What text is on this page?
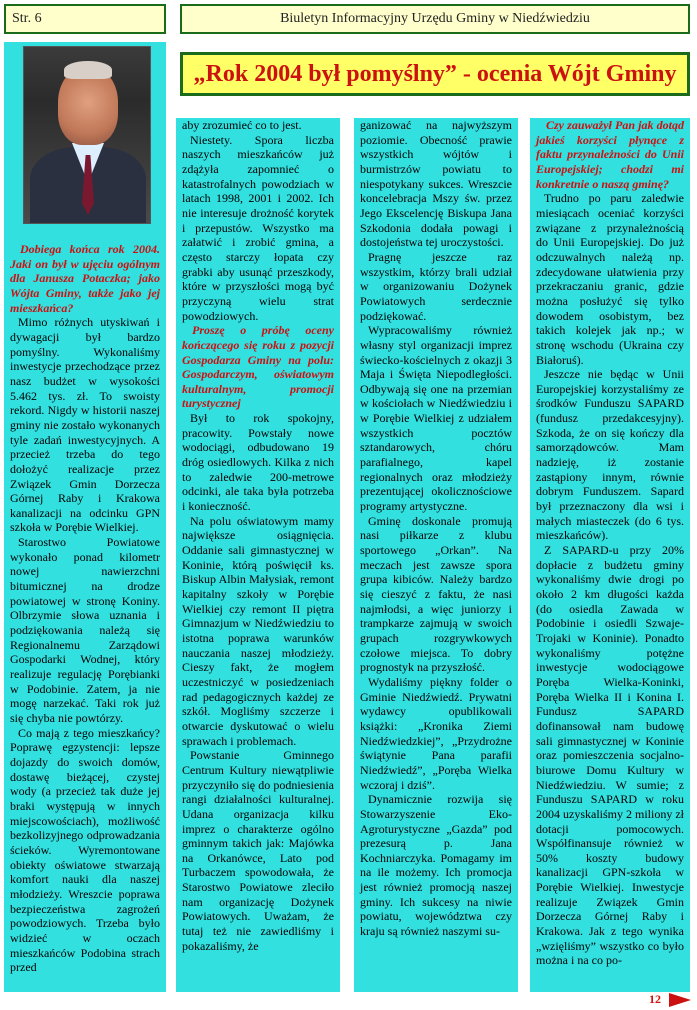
Str. 6	Biuletyn Informacyjny Urzędu Gminy w Niedźwiedziu
„Rok 2004 był pomyślny” - ocenia Wójt Gminy

Dobiega końca rok 2004. Jaki on był w ujęciu ogólnym dla Janusza Potaczka; jako Wójta Gminy, także jako jej mieszkańca?

Mimo różnych utyskiwań i dywagacji był bardzo pomyślny. Wykonaliśmy inwestycje przechodzące przez nasz budżet w wysokości 5.462 tys. zł. To swoisty rekord. Nigdy w historii naszej gminy nie zostało wykonanych tyle zadań inwestycyjnych. A przecież trzeba do tego dołożyć realizacje przez Związek Gmin Dorzecza Górnej Raby i Krakowa kanalizacji na odcinku GPN szkoła w Porębie Wielkiej.

Starostwo Powiatowe wykonało ponad kilometr nowej nawierzchni bitumicznej na drodze powiatowej w stronę Koniny. Olbrzymie słowa uznania i podziękowania należą się Regionalnemu Zarządowi Gospodarki Wodnej, który realizuje regulację Porębianki w Podobinie. Zatem, ja nie mogę narzekać. Taki rok już się chyba nie powtórzy.

Co mają z tego mieszkańcy? Poprawę egzystencji: lepsze dojazdy do swoich domów, dostawę bieżącej, czystej wody (a przecież tak duże jej braki występują w innych miejscowościach), możliwość bezkolizyjnego odprowadzania ścieków. Wyremontowane obiekty oświatowe stwarzają komfort nauki dla naszej młodzieży. Wreszcie poprawa bezpieczeństwa zagrożeń powodziowych. Trzeba było widzieć w oczach mieszkańców Podobina strach przed

aby zrozumieć co to jest.

Niestety. Spora liczba naszych mieszkańców już zdążyła zapomnieć o katastrofalnych powodziach w latach 1998, 2001 i 2002. Ich nie interesuje drożność korytek i przepustów. Wszystko ma załatwić i zrobić gmina, a często starczy łopata czy grabki aby usunąć przeszkody, które w przyszłości mogą być przyczyną wielu strat powodziowych.

Proszę o próbę oceny kończącego się roku z pozycji Gospodarza Gminy na polu: Gospodarczym, oświatowym kulturalnym, promocji turystycznej

Był to rok spokojny, pracowity. Powstały nowe wodociągi, odbudowano 19 dróg osiedlowych. Kilka z nich to zaledwie 200-metrowe odcinki, ale taka była potrzeba i konieczność.

Na polu oświatowym mamy największe osiągnięcia. Oddanie sali gimnastycznej w Koninie, którą poświęcił ks. Biskup Albin Małysiak, remont kapitalny szkoły w Porębie Wielkiej czy remont II piętra Gimnazjum w Niedźwiedziu to istotna poprawa warunków nauczania naszej młodzieży. Cieszy fakt, że mogłem uczestniczyć w posiedzeniach rad pedagogicznych każdej ze szkół. Mogliśmy szczerze i otwarcie dyskutować o wielu sprawach i problemach.

Powstanie Gminnego Centrum Kultury niewątpliwie przyczyniło się do podniesienia rangi działalności kulturalnej. Udana organizacja kilku imprez o charakterze ogólno gminnym takich jak: Majówka na Orkanówce, Lato pod Turbaczem spowodowała, że Starostwo Powiatowe zleciło nam organizację Dożynek Powiatowych. Uważam, że tutaj też nie zawiedliśmy i pokazaliśmy, że

ganizować na najwyższym poziomie. Obecność prawie wszystkich wójtów i burmistrzów powiatu to niespotykany sukces. Wreszcie koncelebracja Mszy św. przez Jego Ekscelencję Biskupa Jana Szkodonia dodała powagi i dostojeństwa tej uroczystości.

Pragnę jeszcze raz wszystkim, którzy brali udział w organizowaniu Dożynek Powiatowych serdecznie podziękować.

Wypracowaliśmy również własny styl organizacji imprez świecko-kościelnych z okazji 3 Maja i Święta Niepodległości. Odbywają się one na przemian w kościołach w Niedźwiedziu i w Porębie Wielkiej z udziałem wszystkich pocztów sztandarowych, chóru parafialnego, kapel regionalnych oraz młodzieży prezentującej okolicznościowe programy artystyczne.

Gminę doskonale promują nasi piłkarze z klubu sportowego „Orkan”. Na meczach jest zawsze spora grupa kibiców. Należy bardzo się cieszyć z faktu, że nasi najmłodsi, a więc juniorzy i trampkarze zajmują w swoich grupach rozgrywkowych czołowe miejsca. To dobry prognostyk na przyszłość.

Wydaliśmy piękny folder o Gminie Niedźwiedź. Prywatni wydawcy opublikowali książki: „Kronika Ziemi Niedźwiedzkiej”, „Przydrożne świątynie Pana parafii Niedźwiedź”, „Poręba Wielka wczoraj i dziś”.

Dynamicznie rozwija się Stowarzyszenie Eko-Agroturystyczne „Gazda” pod prezesurą p. Jana Kochniarczyka. Pomagamy im na ile możemy. Ich promocja jest również promocją naszej gminy. Ich sukcesy na niwie powiatu, województwa czy kraju są również naszymi su-

Czy zauważył Pan jak dotąd jakieś korzyści płynące z faktu przynależności do Unii Europejskiej; chodzi mi konkretnie o naszą gminę?

Trudno po paru zaledwie miesiącach oceniać korzyści związane z przynależnością do Unii Europejskiej. Do już odczuwalnych należą np. zdecydowane ułatwienia przy przekraczaniu granic, gdzie można posłużyć się tylko dowodem osobistym, bez takich kolejek jak np.; w stronę wschodu (Ukraina czy Białoruś).

Jeszcze nie będąc w Unii Europejskiej korzystaliśmy ze środków Funduszu SAPARD (fundusz przedakcesyjny). Szkoda, że on się kończy dla samorządowców. Mam nadzieję, iż zostanie zastąpiony innym, równie dobrym Funduszem. Sapard był przeznaczony dla wsi i małych miasteczek (do 6 tys. mieszkańców).

Z SAPARD-u przy 20% dopłacie z budżetu gminy wykonaliśmy dwie drogi po około 2 km długości każda (do osiedla Zawada w Podobinie i osiedli Szwaje-Trojaki w Koninie). Ponadto wykonaliśmy potężne inwestycje wodociągowe Poręba Wielka-Koninki, Poręba Wielka II i Konina I. Fundusz SAPARD dofinansował nam budowę sali gimnastycznej w Koninie oraz pomieszczenia socjalno-biurowe Domu Kultury w Niedźwiedziu. W sumie; z Funduszu SAPARD w roku 2004 uzyskaliśmy 2 miliony zł dotacji pomocowych. Współfinansuje również w 50% koszty budowy kanalizacji GPN-szkoła w Porębie Wielkiej. Inwestycje realizuje Związek Gmin Dorzecza Górnej Raby i Krakowa. Jak z tego wynika „wzięliśmy” wszystko co było można i na co po-

12
